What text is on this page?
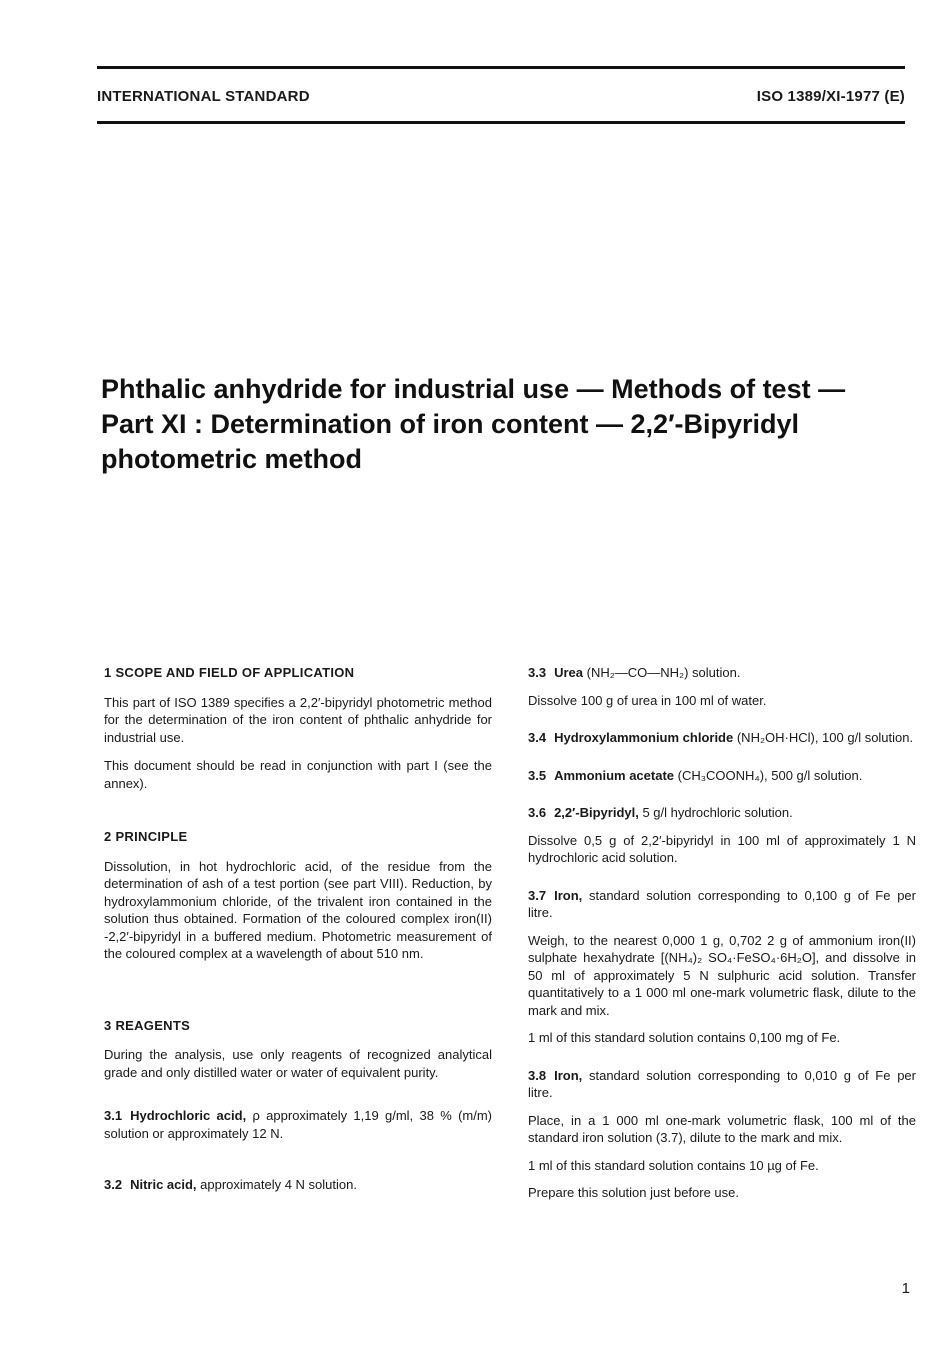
INTERNATIONAL STANDARD	ISO 1389/XI-1977 (E)
Phthalic anhydride for industrial use — Methods of test —
Part XI : Determination of iron content — 2,2′-Bipyridyl
photometric method

1 SCOPE AND FIELD OF APPLICATION

This part of ISO 1389 specifies a 2,2′-bipyridyl photometric method for the determination of the iron content of phthalic anhydride for industrial use.

This document should be read in conjunction with part I (see the annex).

2 PRINCIPLE

Dissolution, in hot hydrochloric acid, of the residue from the determination of ash of a test portion (see part VIII). Reduction, by hydroxylammonium chloride, of the trivalent iron contained in the solution thus obtained. Formation of the coloured complex iron(II) -2,2′-bipyridyl in a buffered medium. Photometric measurement of the coloured complex at a wavelength of about 510 nm.

3 REAGENTS

During the analysis, use only reagents of recognized analytical grade and only distilled water or water of equivalent purity.

3.1 Hydrochloric acid, ρ approximately 1,19 g/ml, 38 % (m/m) solution or approximately 12 N.

3.2 Nitric acid, approximately 4 N solution.

3.3 Urea (NH₂—CO—NH₂) solution.

Dissolve 100 g of urea in 100 ml of water.

3.4 Hydroxylammonium chloride (NH₂OH·HCl), 100 g/l solution.

3.5 Ammonium acetate (CH₃COONH₄), 500 g/l solution.

3.6 2,2′-Bipyridyl, 5 g/l hydrochloric solution.

Dissolve 0,5 g of 2,2′-bipyridyl in 100 ml of approximately 1 N hydrochloric acid solution.

3.7 Iron, standard solution corresponding to 0,100 g of Fe per litre.

Weigh, to the nearest 0,000 1 g, 0,702 2 g of ammonium iron(II) sulphate hexahydrate [(NH₄)₂ SO₄·FeSO₄·6H₂O], and dissolve in 50 ml of approximately 5 N sulphuric acid solution. Transfer quantitatively to a 1 000 ml one-mark volumetric flask, dilute to the mark and mix.

1 ml of this standard solution contains 0,100 mg of Fe.

3.8 Iron, standard solution corresponding to 0,010 g of Fe per litre.

Place, in a 1 000 ml one-mark volumetric flask, 100 ml of the standard iron solution (3.7), dilute to the mark and mix.

1 ml of this standard solution contains 10 µg of Fe.

Prepare this solution just before use.

1
